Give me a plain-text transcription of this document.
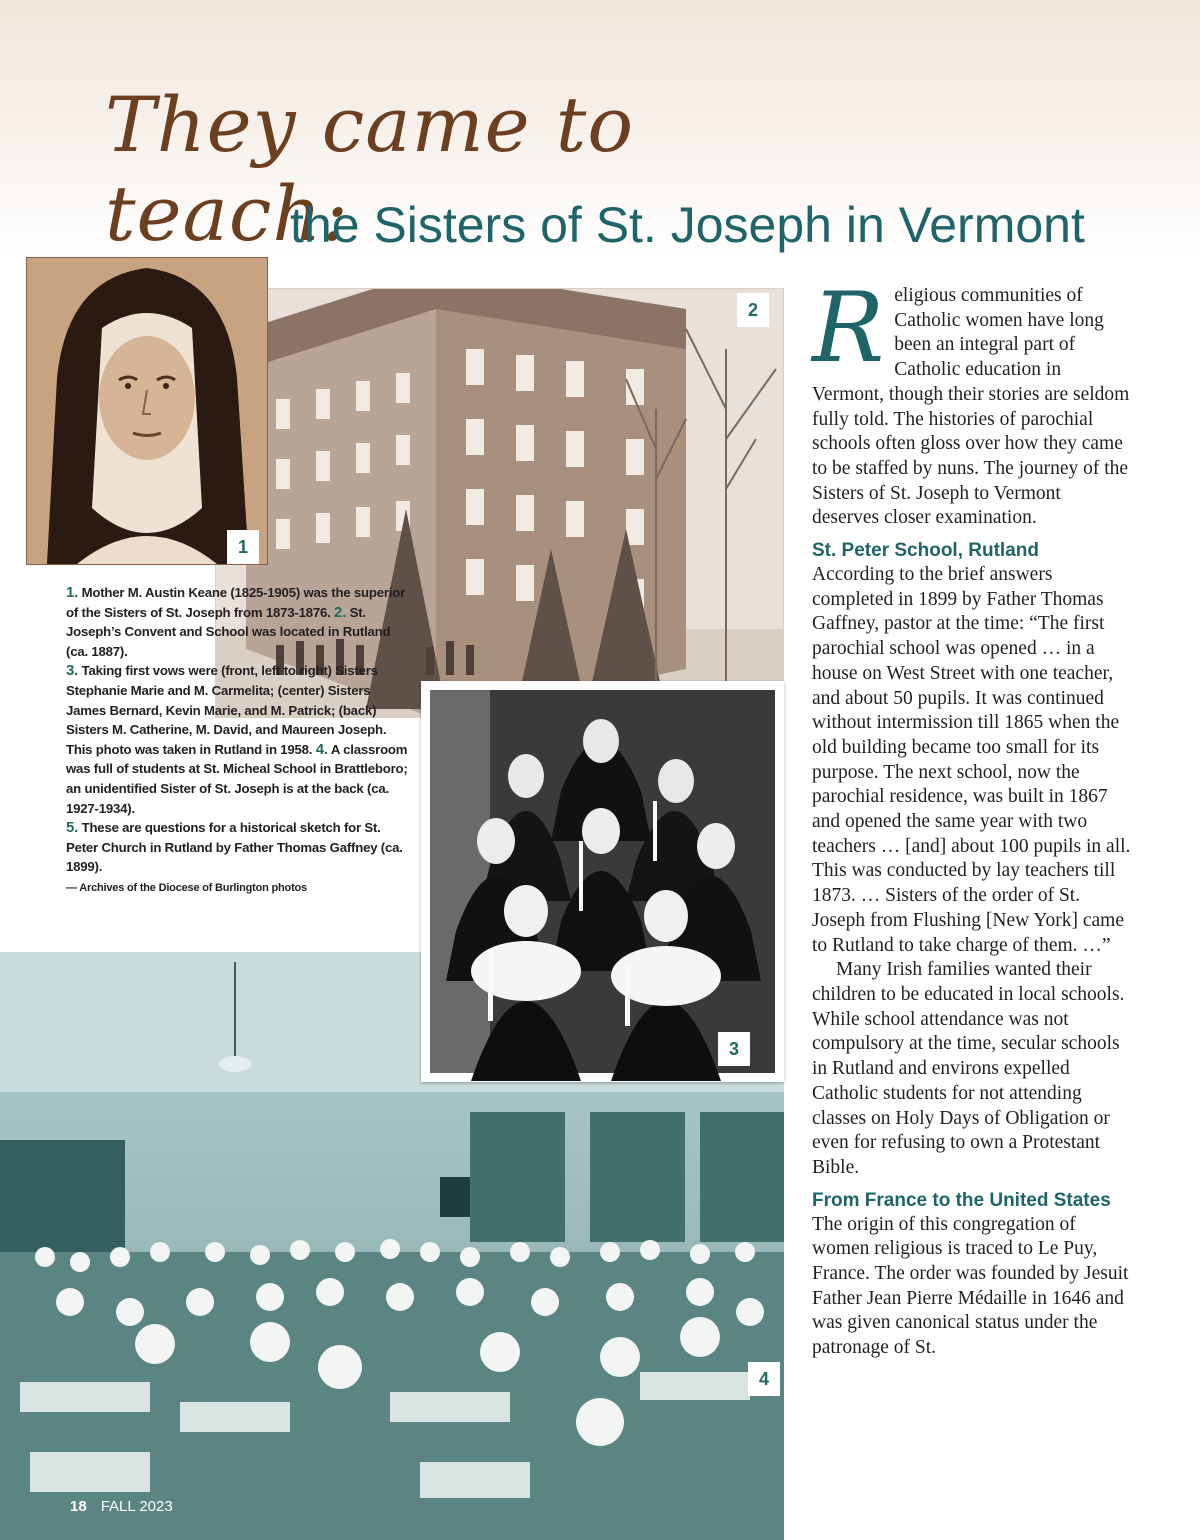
They came to teach:
the Sisters of St. Joseph in Vermont
2
1
4
3
1. Mother M. Austin Keane (1825-1905) was the superior of the Sisters of St. Joseph from 1873-1876. 2. St. Joseph’s Convent and School was located in Rutland (ca. 1887).
3. Taking first vows were (front, left to right) Sisters Stephanie Marie and M. Carmelita; (center) Sisters James Bernard, Kevin Marie, and M. Patrick; (back) Sisters M. Catherine, M. David, and Maureen Joseph. This photo was taken in Rutland in 1958. 4. A classroom was full of students at St. Micheal School in Brattleboro; an unidentified Sister of St. Joseph is at the back (ca. 1927-1934).
5. These are questions for a historical sketch for St. Peter Church in Rutland by Father Thomas Gaffney (ca. 1899).
— Archives of the Diocese of Burlington photos

Religious communities of Catholic women have long been an integral part of Catholic education in Vermont, though their stories are seldom fully told. The histories of parochial schools often gloss over how they came to be staffed by nuns. The journey of the Sisters of St. Joseph to Vermont deserves closer examination.

St. Peter School, Rutland

According to the brief answers completed in 1899 by Father Thomas Gaffney, pastor at the time: “The first parochial school was opened … in a house on West Street with one teacher, and about 50 pupils. It was continued without intermission till 1865 when the old building became too small for its purpose. The next school, now the parochial residence, was built in 1867 and opened the same year with two teachers … [and] about 100 pupils in all. This was conducted by lay teachers till 1873. … Sisters of the order of St. Joseph from Flushing [New York] came to Rutland to take charge of them. …”

Many Irish families wanted their children to be educated in local schools. While school attendance was not compulsory at the time, secular schools in Rutland and environs expelled Catholic students for not attending classes on Holy Days of Obligation or even for refusing to own a Protestant Bible.

From France to the United States

The origin of this congregation of women religious is traced to Le Puy, France. The order was founded by Jesuit Father Jean Pierre Médaille in 1646 and was given canonical status under the patronage of St.

18 FALL 2023
